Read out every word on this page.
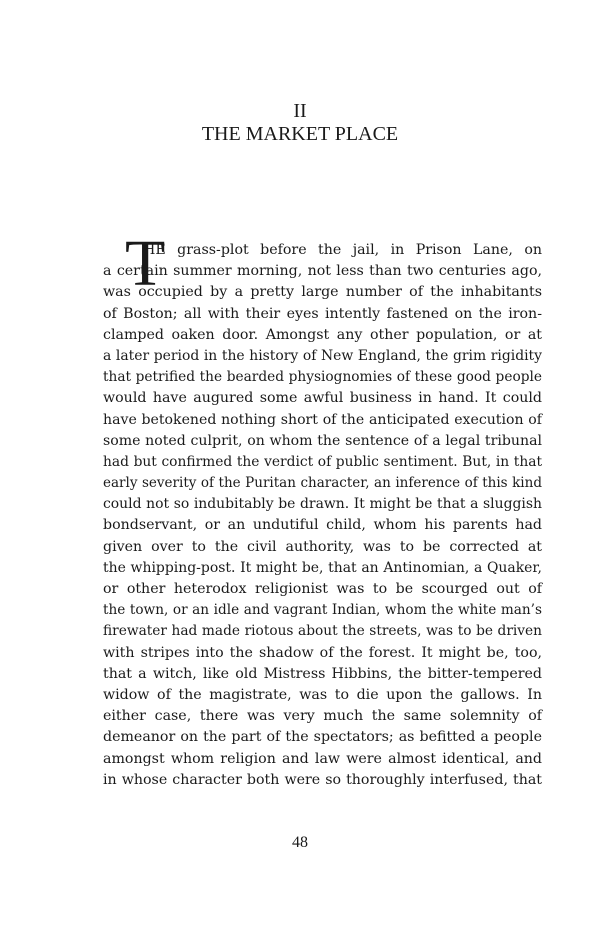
II
THE MARKET PLACE
T
HE grass-plot before the jail, in Prison Lane, on
a certain summer morning, not less than two centuries ago,
was occupied by a pretty large number of the inhabitants
of Boston; all with their eyes intently fastened on the iron-
clamped oaken door. Amongst any other population, or at
a later period in the history of New England, the grim rigidity
that petrified the bearded physiognomies of these good people
would have augured some awful business in hand. It could
have betokened nothing short of the anticipated execution of
some noted culprit, on whom the sentence of a legal tribunal
had but confirmed the verdict of public sentiment. But, in that
early severity of the Puritan character, an inference of this kind
could not so indubitably be drawn. It might be that a sluggish
bondservant, or an undutiful child, whom his parents had
given over to the civil authority, was to be corrected at
the whipping-post. It might be, that an Antinomian, a Quaker,
or other heterodox religionist was to be scourged out of
the town, or an idle and vagrant Indian, whom the white man’s
firewater had made riotous about the streets, was to be driven
with stripes into the shadow of the forest. It might be, too,
that a witch, like old Mistress Hibbins, the bitter-tempered
widow of the magistrate, was to die upon the gallows. In
either case, there was very much the same solemnity of
demeanor on the part of the spectators; as befitted a people
amongst whom religion and law were almost identical, and
in whose character both were so thoroughly interfused, that
48
